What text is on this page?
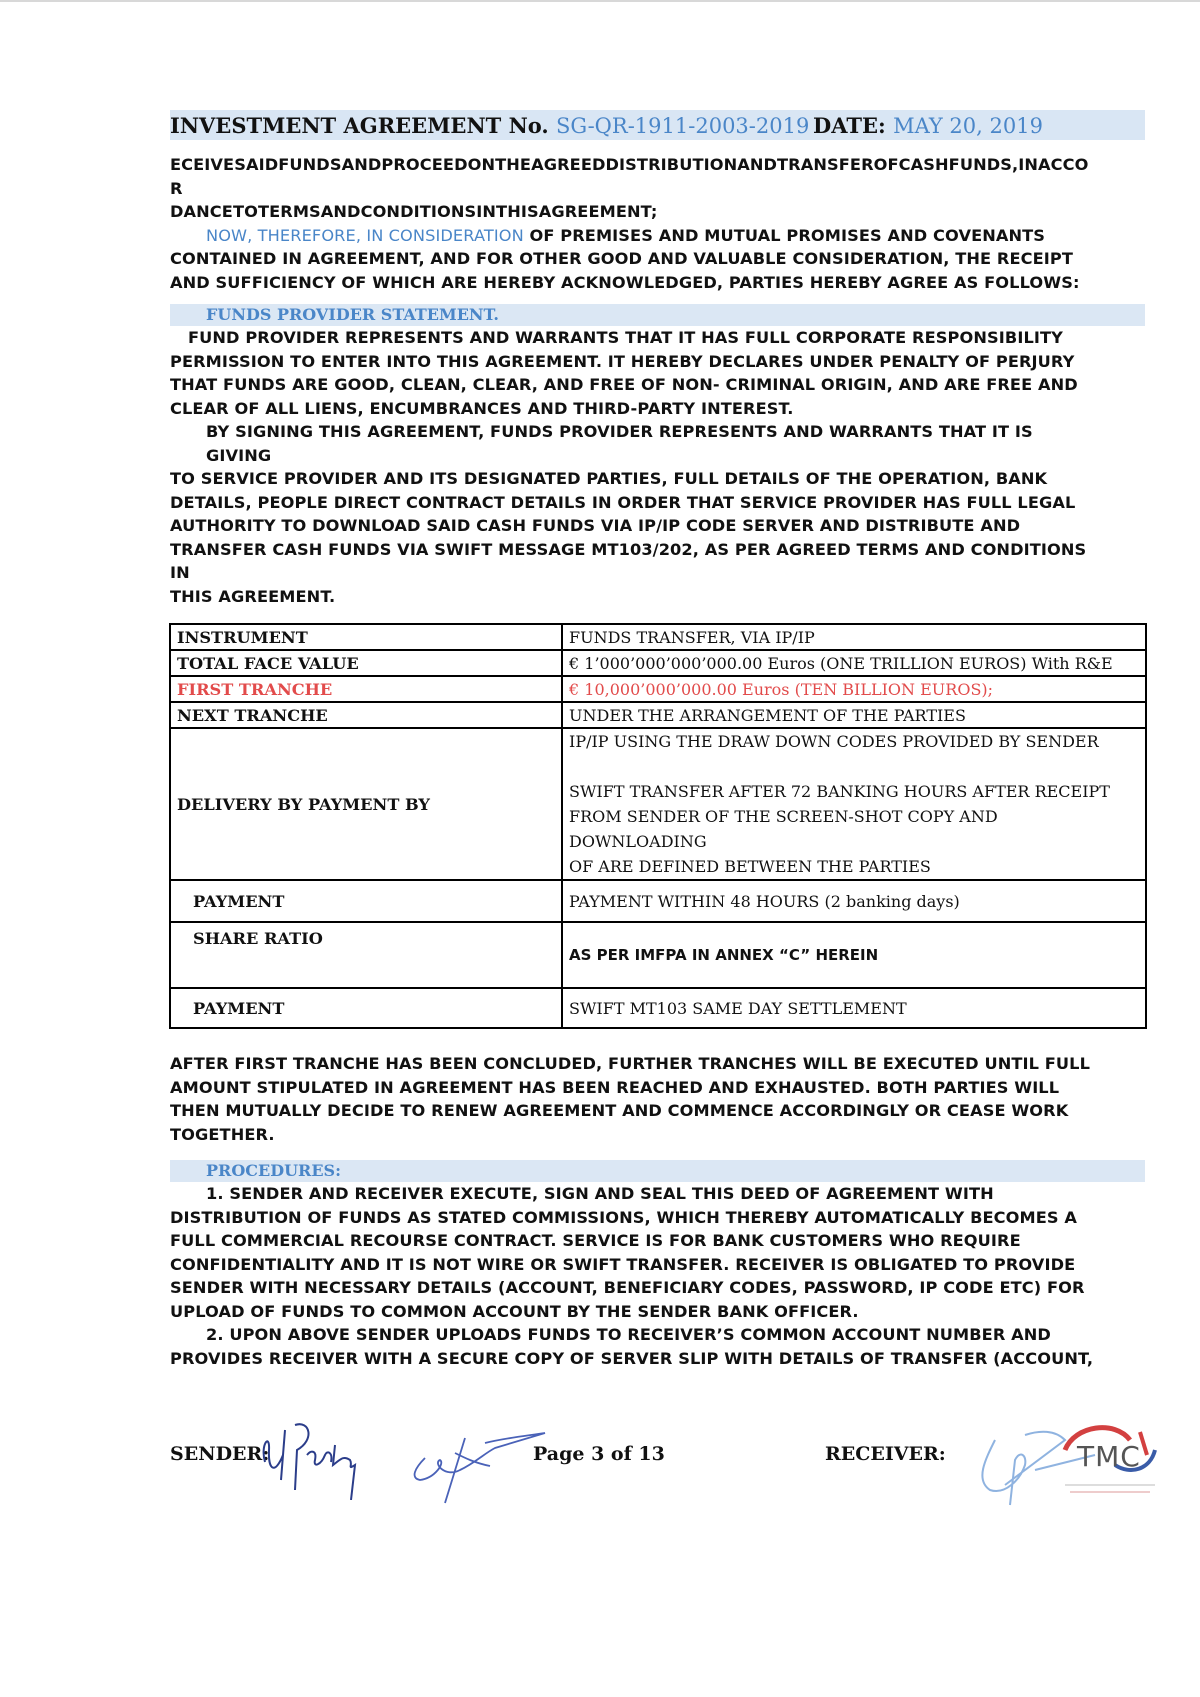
INVESTMENT AGREEMENT No. SG-QR-1911-2003-2019 DATE: MAY 20, 2019

ECEIVESAIDFUNDSANDPROCEEDONTHEAGREEDDISTRIBUTIONANDTRANSFEROFCASHFUNDS,INACCO

R

DANCETOTERMSANDCONDITIONSINTHISAGREEMENT;

NOW, THEREFORE, IN CONSIDERATION OF PREMISES AND MUTUAL PROMISES AND COVENANTS

CONTAINED IN AGREEMENT, AND FOR OTHER GOOD AND VALUABLE CONSIDERATION, THE RECEIPT

AND SUFFICIENCY OF WHICH ARE HEREBY ACKNOWLEDGED, PARTIES HEREBY AGREE AS FOLLOWS:

FUNDS PROVIDER STATEMENT.

FUND PROVIDER REPRESENTS AND WARRANTS THAT IT HAS FULL CORPORATE RESPONSIBILITY

PERMISSION TO ENTER INTO THIS AGREEMENT. IT HEREBY DECLARES UNDER PENALTY OF PERJURY

THAT FUNDS ARE GOOD, CLEAN, CLEAR, AND FREE OF NON- CRIMINAL ORIGIN, AND ARE FREE AND

CLEAR OF ALL LIENS, ENCUMBRANCES AND THIRD-PARTY INTEREST.

BY SIGNING THIS AGREEMENT, FUNDS PROVIDER REPRESENTS AND WARRANTS THAT IT IS

GIVING

TO SERVICE PROVIDER AND ITS DESIGNATED PARTIES, FULL DETAILS OF THE OPERATION, BANK

DETAILS, PEOPLE DIRECT CONTRACT DETAILS IN ORDER THAT SERVICE PROVIDER HAS FULL LEGAL

AUTHORITY TO DOWNLOAD SAID CASH FUNDS VIA IP/IP CODE SERVER AND DISTRIBUTE AND

TRANSFER CASH FUNDS VIA SWIFT MESSAGE MT103/202, AS PER AGREED TERMS AND CONDITIONS

IN

THIS AGREEMENT.

INSTRUMENT	FUNDS TRANSFER, VIA IP/IP
TOTAL FACE VALUE	€ 1’000’000’000’000.00 Euros (ONE TRILLION EUROS) With R&E
FIRST TRANCHE	€ 10,000’000’000.00 Euros (TEN BILLION EUROS);
NEXT TRANCHE	UNDER THE ARRANGEMENT OF THE PARTIES
DELIVERY BY PAYMENT BY	IP/IP USING THE DRAW DOWN CODES PROVIDED BY SENDER
SWIFT TRANSFER AFTER 72 BANKING HOURS AFTER RECEIPT
FROM SENDER OF THE SCREEN-SHOT COPY AND DOWNLOADING
OF ARE DEFINED BETWEEN THE PARTIES

PAYMENT	PAYMENT WITHIN 48 HOURS (2 banking days)
SHARE RATIO	AS PER IMFPA IN ANNEX “C” HEREIN
PAYMENT	SWIFT MT103 SAME DAY SETTLEMENT

AFTER FIRST TRANCHE HAS BEEN CONCLUDED, FURTHER TRANCHES WILL BE EXECUTED UNTIL FULL

AMOUNT STIPULATED IN AGREEMENT HAS BEEN REACHED AND EXHAUSTED. BOTH PARTIES WILL

THEN MUTUALLY DECIDE TO RENEW AGREEMENT AND COMMENCE ACCORDINGLY OR CEASE WORK

TOGETHER.

PROCEDURES:

1. SENDER AND RECEIVER EXECUTE, SIGN AND SEAL THIS DEED OF AGREEMENT WITH

DISTRIBUTION OF FUNDS AS STATED COMMISSIONS, WHICH THEREBY AUTOMATICALLY BECOMES A

FULL COMMERCIAL RECOURSE CONTRACT. SERVICE IS FOR BANK CUSTOMERS WHO REQUIRE

CONFIDENTIALITY AND IT IS NOT WIRE OR SWIFT TRANSFER. RECEIVER IS OBLIGATED TO PROVIDE

SENDER WITH NECESSARY DETAILS (ACCOUNT, BENEFICIARY CODES, PASSWORD, IP CODE ETC) FOR

UPLOAD OF FUNDS TO COMMON ACCOUNT BY THE SENDER BANK OFFICER.

2. UPON ABOVE SENDER UPLOADS FUNDS TO RECEIVER’S COMMON ACCOUNT NUMBER AND

PROVIDES RECEIVER WITH A SECURE COPY OF SERVER SLIP WITH DETAILS OF TRANSFER (ACCOUNT,

SENDER:	Page 3 of 13	RECEIVER:	TMC
